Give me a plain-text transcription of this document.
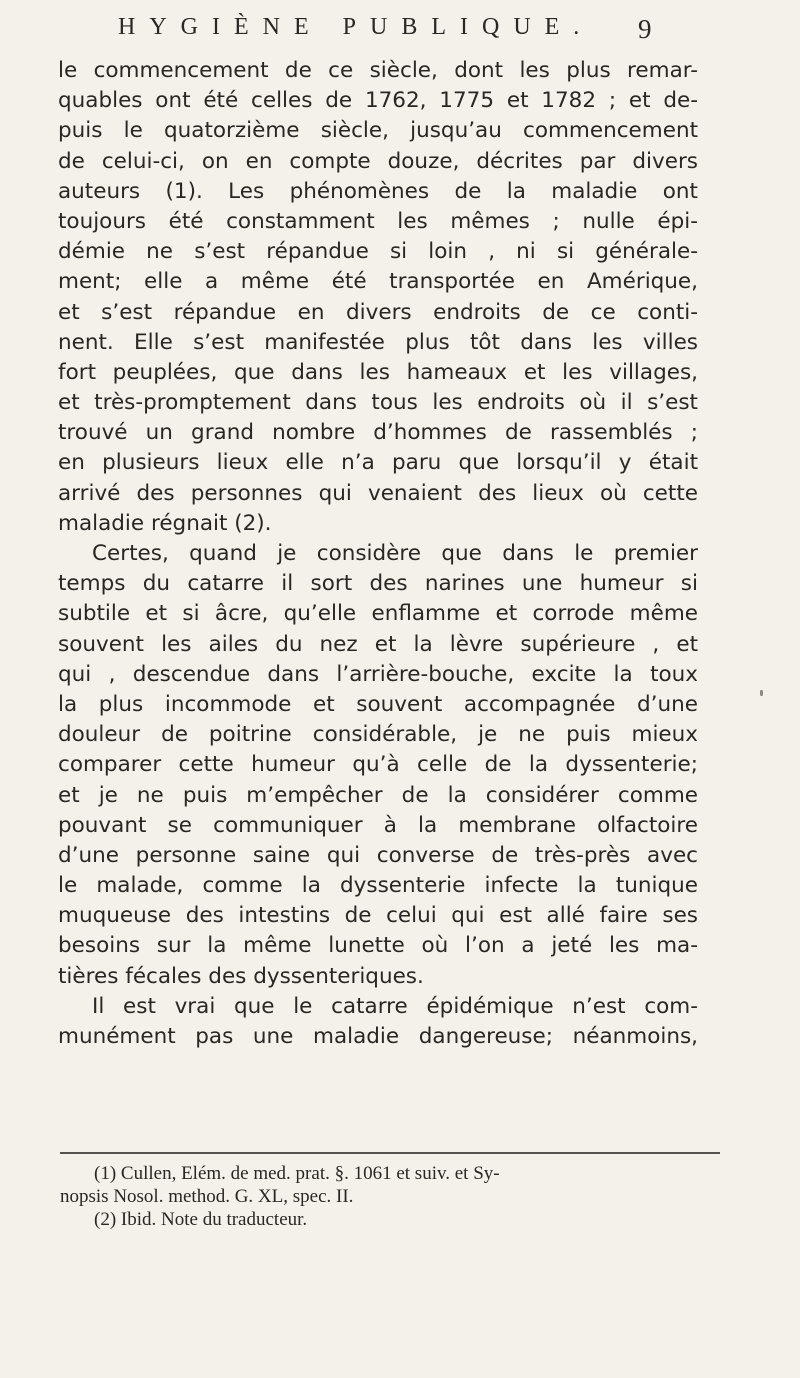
HYGIÈNE PUBLIQUE.	9
le commencement de ce siècle, dont les plus remar-
quables ont été celles de 1762, 1775 et 1782 ; et de-
puis le quatorzième siècle, jusqu’au commencement
de celui-ci, on en compte douze, décrites par divers
auteurs (1). Les phénomènes de la maladie ont
toujours été constamment les mêmes ; nulle épi-
démie ne s’est répandue si loin , ni si générale-
ment; elle a même été transportée en Amérique,
et s’est répandue en divers endroits de ce conti-
nent. Elle s’est manifestée plus tôt dans les villes
fort peuplées, que dans les hameaux et les villages,
et très-promptement dans tous les endroits où il s’est
trouvé un grand nombre d’hommes de rassemblés ;
en plusieurs lieux elle n’a paru que lorsqu’il y était
arrivé des personnes qui venaient des lieux où cette
maladie régnait (2).
Certes, quand je considère que dans le premier
temps du catarre il sort des narines une humeur si
subtile et si âcre, qu’elle enflamme et corrode même
souvent les ailes du nez et la lèvre supérieure , et
qui , descendue dans l’arrière-bouche, excite la toux
la plus incommode et souvent accompagnée d’une
douleur de poitrine considérable, je ne puis mieux
comparer cette humeur qu’à celle de la dyssenterie;
et je ne puis m’empêcher de la considérer comme
pouvant se communiquer à la membrane olfactoire
d’une personne saine qui converse de très-près avec
le malade, comme la dyssenterie infecte la tunique
muqueuse des intestins de celui qui est allé faire ses
besoins sur la même lunette où l’on a jeté les ma-
tières fécales des dyssenteriques.
Il est vrai que le catarre épidémique n’est com-
munément pas une maladie dangereuse; néanmoins,
(1) Cullen, Elém. de med. prat. §. 1061 et suiv. et Sy-
nopsis Nosol. method. G. XL, spec. II.
(2) Ibid. Note du traducteur.
